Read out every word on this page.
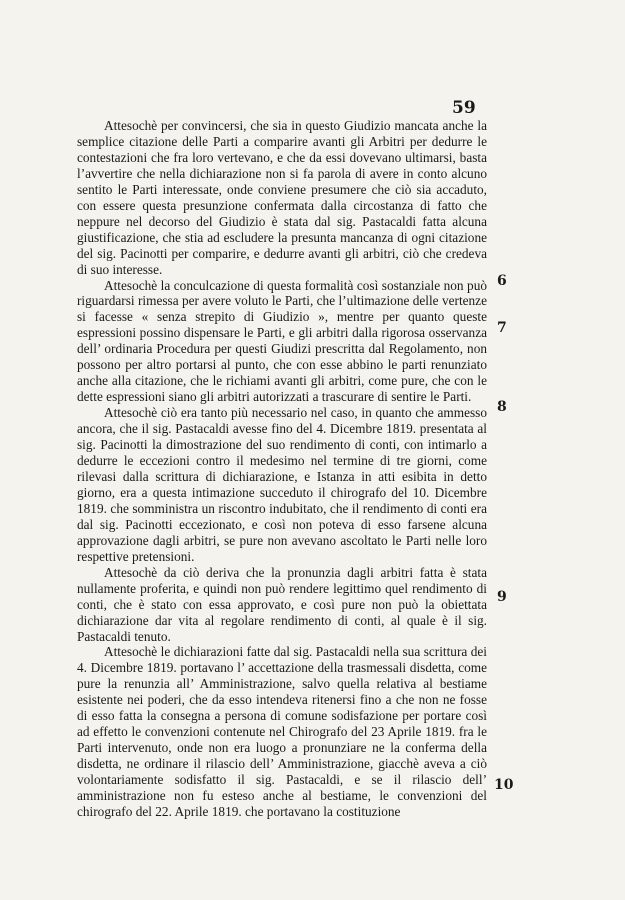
59

Attesochè per convincersi, che sia in questo Giudizio mancata anche la semplice citazione delle Parti a comparire avanti gli Arbitri per dedurre le contestazioni che fra loro vertevano, e che da essi dovevano ultimarsi, basta l’avvertire che nella dichiarazione non si fa parola di avere in conto alcuno sentito le Parti interessate, onde conviene presumere che ciò sia accaduto, con essere questa presunzione confermata dalla circostanza di fatto che neppure nel decorso del Giudizio è stata dal sig. Pastacaldi fatta alcuna giustificazione, che stia ad escludere la presunta mancanza di ogni citazione del sig. Pacinotti per comparire, e dedurre avanti gli arbitri, ciò che credeva di suo interesse.

Attesochè la conculcazione di questa formalità così sostanziale non può riguardarsi rimessa per avere voluto le Parti, che l’ultimazione delle vertenze si facesse « senza strepito di Giudizio », mentre per quanto queste espressioni possino dispensare le Parti, e gli arbitri dalla rigorosa osservanza dell’ ordinaria Procedura per questi Giudizi prescritta dal Regolamento, non possono per altro portarsi al punto, che con esse abbino le parti renunziato anche alla citazione, che le richiami avanti gli arbitri, come pure, che con le dette espressioni siano gli arbitri autorizzati a trascurare di sentire le Parti.

Attesochè ciò era tanto più necessario nel caso, in quanto che ammesso ancora, che il sig. Pastacaldi avesse fino del 4. Dicembre 1819. presentata al sig. Pacinotti la dimostrazione del suo rendimento di conti, con intimarlo a dedurre le eccezioni contro il medesimo nel termine di tre giorni, come rilevasi dalla scrittura di dichiarazione, e Istanza in atti esibita in detto giorno, era a questa intimazione succeduto il chirografo del 10. Dicembre 1819. che somministra un riscontro indubitato, che il rendimento di conti era dal sig. Pacinotti eccezionato, e così non poteva di esso farsene alcuna approvazione dagli arbitri, se pure non avevano ascoltato le Parti nelle loro respettive pretensioni.

Attesochè da ciò deriva che la pronunzia dagli arbitri fatta è stata nullamente proferita, e quindi non può rendere legittimo quel rendimento di conti, che è stato con essa approvato, e così pure non può la obiettata dichiarazione dar vita al regolare rendimento di conti, al quale è il sig. Pastacaldi tenuto.

Attesochè le dichiarazioni fatte dal sig. Pastacaldi nella sua scrittura dei 4. Dicembre 1819. portavano l’ accettazione della trasmessali disdetta, come pure la renunzia all’ Amministrazione, salvo quella relativa al bestiame esistente nei poderi, che da esso intendeva ritenersi fino a che non ne fosse di esso fatta la consegna a persona di comune sodisfazione per portare così ad effetto le convenzioni contenute nel Chirografo del 23 Aprile 1819. fra le Parti intervenuto, onde non era luogo a pronunziare ne la conferma della disdetta, ne ordinare il rilascio dell’ Amministrazione, giacchè aveva a ciò volontariamente sodisfatto il sig. Pastacaldi, e se il rilascio dell’ amministrazione non fu esteso anche al bestiame, le convenzioni del chirografo del 22. Aprile 1819. che portavano la costituzione

6
7
8
9
10
